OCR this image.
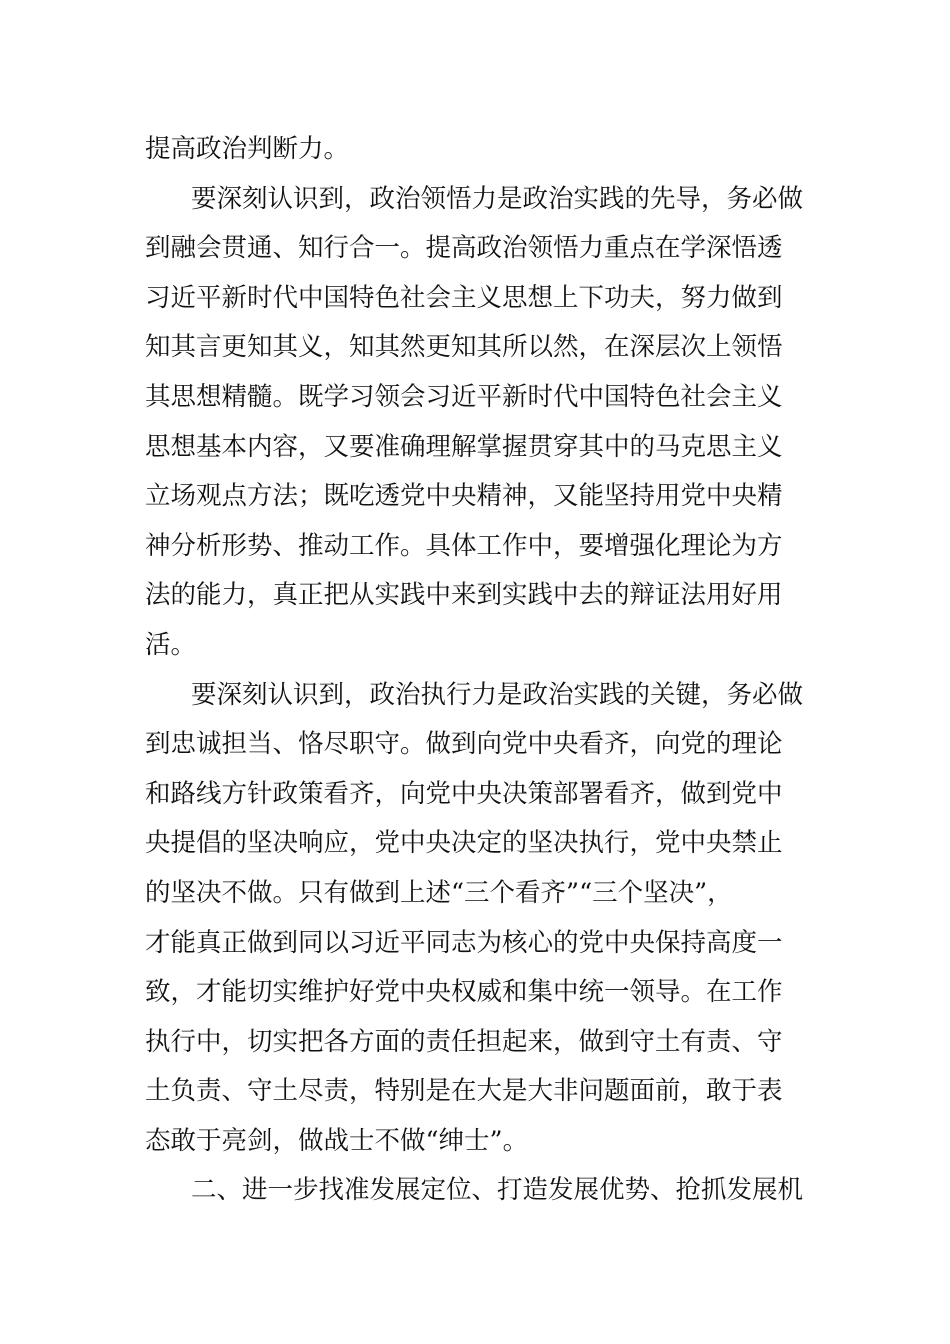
提高政治判断力。
要深刻认识到，政治领悟力是政治实践的先导，务必做
到融会贯通、知行合一。提高政治领悟力重点在学深悟透
习近平新时代中国特色社会主义思想上下功夫，努力做到
知其言更知其义，知其然更知其所以然，在深层次上领悟
其思想精髓。既学习领会习近平新时代中国特色社会主义
思想基本内容，又要准确理解掌握贯穿其中的马克思主义
立场观点方法；既吃透党中央精神，又能坚持用党中央精
神分析形势、推动工作。具体工作中，要增强化理论为方
法的能力，真正把从实践中来到实践中去的辩证法用好用
活。
要深刻认识到，政治执行力是政治实践的关键，务必做
到忠诚担当、恪尽职守。做到向党中央看齐，向党的理论
和路线方针政策看齐，向党中央决策部署看齐，做到党中
央提倡的坚决响应，党中央决定的坚决执行，党中央禁止
的坚决不做。只有做到上述“三个看齐”“三个坚决”，
才能真正做到同以习近平同志为核心的党中央保持高度一
致，才能切实维护好党中央权威和集中统一领导。在工作
执行中，切实把各方面的责任担起来，做到守土有责、守
土负责、守土尽责，特别是在大是大非问题面前，敢于表
态敢于亮剑，做战士不做“绅士”。
二、进一步找准发展定位、打造发展优势、抢抓发展机
